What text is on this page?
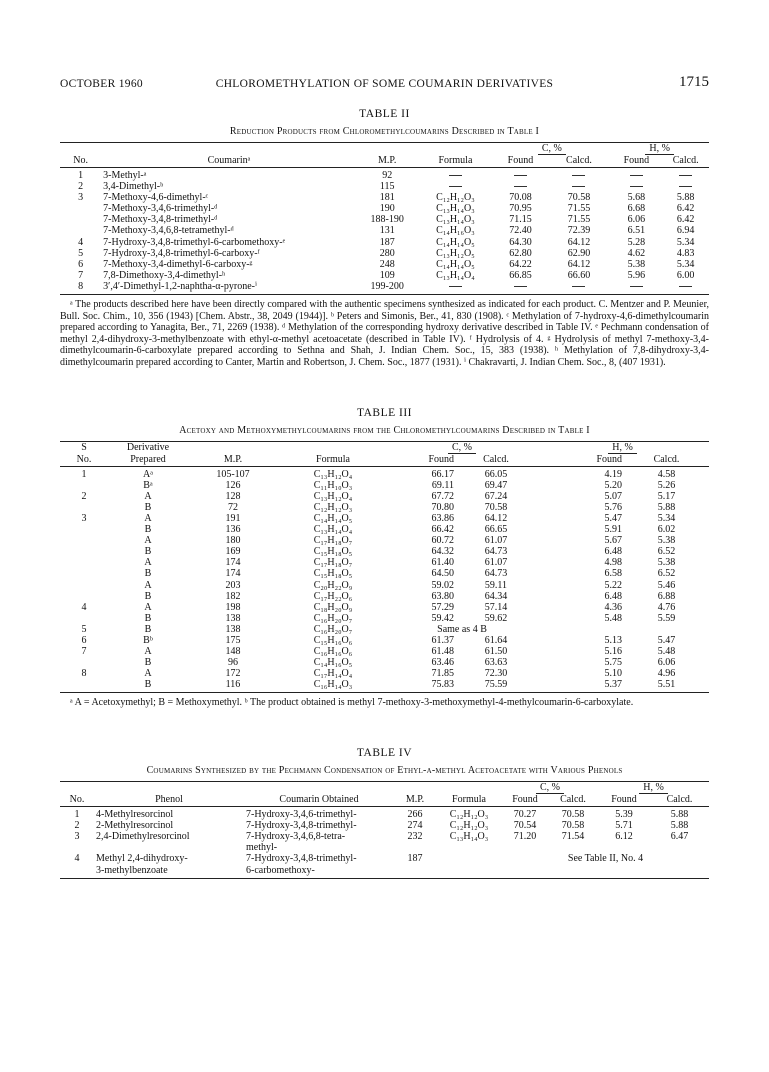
OCTOBER 1960	CHLOROMETHYLATION OF SOME COUMARIN DERIVATIVES	1715
TABLE II
Reduction Products from Chloromethylcoumarins Described in Table I
				C, %		H, %	
No.	Coumarinᵃ	M.P.	Formula	Found	Calcd.	Found	Calcd.
1	3-Methyl-ᵃ	92					
2	3,4-Dimethyl-ᵇ	115					
3	7-Methoxy-4,6-dimethyl-ᶜ	181	C₁₂H₁₂O₃	70.08	70.58	5.68	5.88
	7-Methoxy-3,4,6-trimethyl-ᵈ	190	C₁₃H₁₄O₃	70.95	71.55	6.68	6.42
	7-Methoxy-3,4,8-trimethyl-ᵈ	188-190	C₁₃H₁₄O₃	71.15	71.55	6.06	6.42
	7-Methoxy-3,4,6,8-tetramethyl-ᵈ	131	C₁₄H₁₆O₃	72.40	72.39	6.51	6.94
4	7-Hydroxy-3,4,8-trimethyl-6-carbomethoxy-ᵉ	187	C₁₄H₁₄O₅	64.30	64.12	5.28	5.34
5	7-Hydroxy-3,4,8-trimethyl-6-carboxy-ᶠ	280	C₁₃H₁₂O₅	62.80	62.90	4.62	4.83
6	7-Methoxy-3,4-dimethyl-6-carboxy-ᵍ	248	C₁₄H₁₄O₅	64.22	64.12	5.38	5.34
7	7,8-Dimethoxy-3,4-dimethyl-ʰ	109	C₁₃H₁₄O₄	66.85	66.60	5.96	6.00
8	3′,4′-Dimethyl-1,2-naphtha-α-pyrone-ⁱ	199-200					

ᵃ The products described here have been directly compared with the authentic specimens synthesized as indicated for each product. C. Mentzer and P. Meunier, Bull. Soc. Chim., 10, 356 (1943) [Chem. Abstr., 38, 2049 (1944)]. ᵇ Peters and Simonis, Ber., 41, 830 (1908). ᶜ Methylation of 7-hydroxy-4,6-dimethylcoumarin prepared according to Yanagita, Ber., 71, 2269 (1938). ᵈ Methylation of the corresponding hydroxy derivative described in Table IV. ᵉ Pechmann condensation of methyl 2,4-dihydroxy-3-methylbenzoate with ethyl-α-methyl acetoacetate (described in Table IV). ᶠ Hydrolysis of 4. ᵍ Hydrolysis of methyl 7-methoxy-3,4-dimethylcoumarin-6-carboxylate prepared according to Sethna and Shah, J. Indian Chem. Soc., 15, 383 (1938). ʰ Methylation of 7,8-dihydroxy-3,4-dimethylcoumarin prepared according to Canter, Martin and Robertson, J. Chem. Soc., 1877 (1931). ⁱ Chakravarti, J. Indian Chem. Soc., 8, (407 1931).

TABLE III
Acetoxy and Methoxymethylcoumarins from the Chloromethylcoumarins Described in Table I
S	Derivative			C, %		H, %	
No.	Prepared	M.P.	Formula	Found	Calcd.	Found	Calcd.
1	Aᵃ	105-107	C₁₃H₁₂O₄	66.17	66.05	4.19	4.58
	Bᵃ	126	C₁₁H₁₀O₃	69.11	69.47	5.20	5.26
2	A	128	C₁₃H₁₂O₄	67.72	67.24	5.07	5.17
	B	72	C₁₂H₁₂O₃	70.80	70.58	5.76	5.88
3	A	191	C₁₄H₁₄O₅	63.86	64.12	5.47	5.34
	B	136	C₁₃H₁₄O₄	66.42	66.65	5.91	6.02
	A	180	C₁₇H₁₈O₇	60.72	61.07	5.67	5.38
	B	169	C₁₅H₁₈O₅	64.32	64.73	6.48	6.52
	A	174	C₁₇H₁₈O₇	61.40	61.07	4.98	5.38
	B	174	C₁₅H₁₈O₅	64.50	64.73	6.58	6.52
	A	203	C₂₀H₂₂O₉	59.02	59.11	5.22	5.46
	B	182	C₁₇H₂₂O₆	63.80	64.34	6.48	6.88
4	A	198	C₁₈H₂₀O₉	57.29	57.14	4.36	4.76
	B	138	C₁₆H₂₀O₇	59.42	59.62	5.48	5.59
5	B	138	C₁₆H₂₀O₇	Same as 4 B			
6	Bᵇ	175	C₁₅H₁₆O₆	61.37	61.64	5.13	5.47
7	A	148	C₁₆H₁₆O₆	61.48	61.50	5.16	5.48
	B	96	C₁₄H₁₆O₅	63.46	63.63	5.75	6.06
8	A	172	C₁₇H₁₄O₄	71.85	72.30	5.10	4.96
	B	116	C₁₆H₁₄O₃	75.83	75.59	5.37	5.51

ᵃ A = Acetoxymethyl; B = Methoxymethyl. ᵇ The product obtained is methyl 7-methoxy-3-methoxymethyl-4-methylcoumarin-6-carboxylate.

TABLE IV
Coumarins Synthesized by the Pechmann Condensation of Ethyl-α-methyl Acetoacetate with Various Phenols
					C, %		H, %	
No.	Phenol	Coumarin Obtained	M.P.	Formula	Found	Calcd.	Found	Calcd.
1	4-Methylresorcinol	7-Hydroxy-3,4,6-trimethyl-	266	C₁₂H₁₂O₃	70.27	70.58	5.39	5.88
2	2-Methylresorcinol	7-Hydroxy-3,4,8-trimethyl-	274	C₁₂H₁₂O₃	70.54	70.58	5.71	5.88
3	2,4-Dimethylresorcinol	7-Hydroxy-3,4,6,8-tetra-	232	C₁₃H₁₄O₃	71.20	71.54	6.12	6.47
		methyl-						
4	Methyl 2,4-dihydroxy-	7-Hydroxy-3,4,8-trimethyl-	187		See Table II, No. 4			
	3-methylbenzoate	6-carbomethoxy-						
